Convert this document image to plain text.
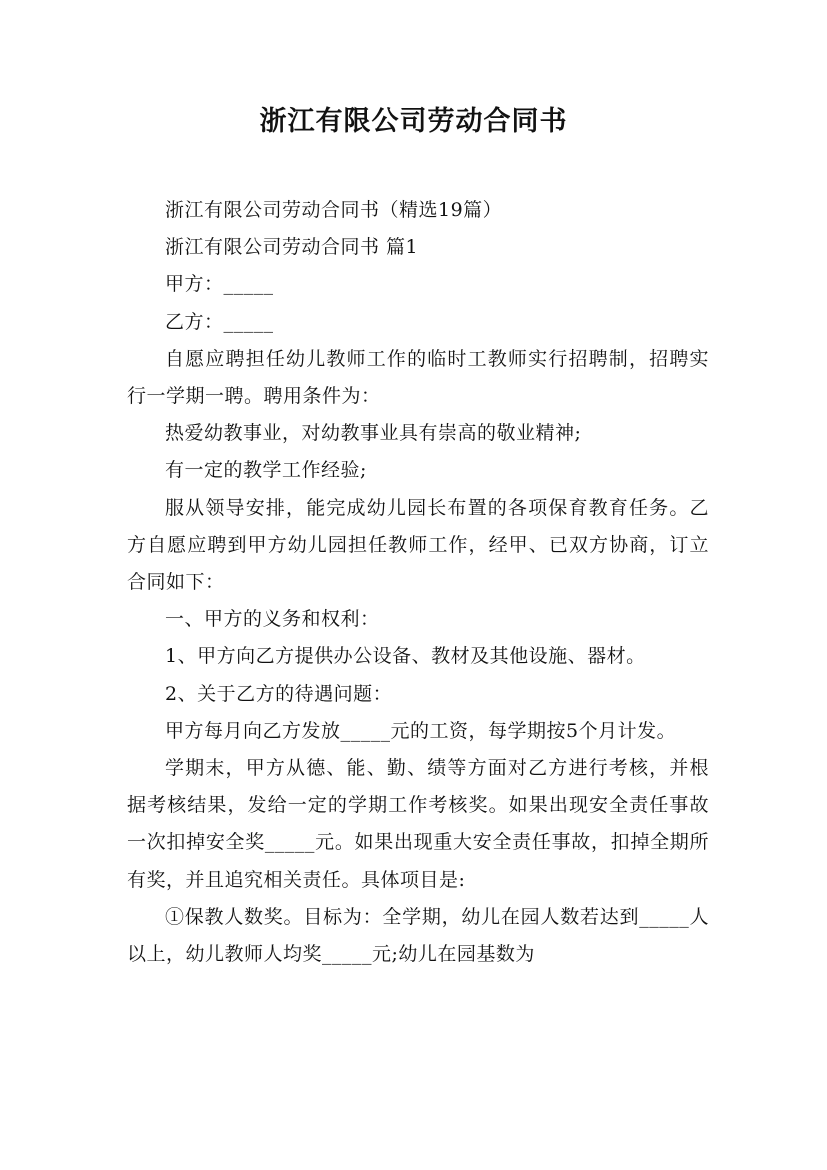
浙江有限公司劳动合同书

浙江有限公司劳动合同书（精选19篇）

浙江有限公司劳动合同书 篇1

甲方：_____

乙方：_____

自愿应聘担任幼儿教师工作的临时工教师实行招聘制，招聘实行一学期一聘。聘用条件为：

热爱幼教事业，对幼教事业具有崇高的敬业精神;

有一定的教学工作经验;

服从领导安排，能完成幼儿园长布置的各项保育教育任务。乙方自愿应聘到甲方幼儿园担任教师工作，经甲、已双方协商，订立合同如下：

一、甲方的义务和权利：

1、甲方向乙方提供办公设备、教材及其他设施、器材。

2、关于乙方的待遇问题：

甲方每月向乙方发放_____元的工资，每学期按5个月计发。

学期末，甲方从德、能、勤、绩等方面对乙方进行考核，并根据考核结果，发给一定的学期工作考核奖。如果出现安全责任事故一次扣掉安全奖_____元。如果出现重大安全责任事故，扣掉全期所有奖，并且追究相关责任。具体项目是:

①保教人数奖。目标为：全学期，幼儿在园人数若达到_____人以上，幼儿教师人均奖_____元;幼儿在园基数为
